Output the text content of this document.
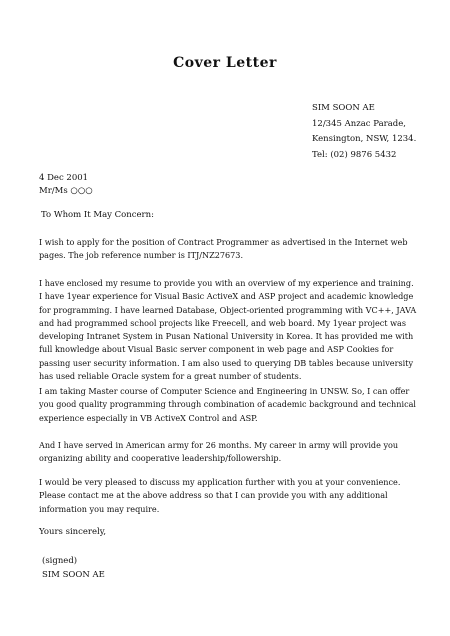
Cover Letter
SIM SOON AE
12/345 Anzac Parade,
Kensington, NSW, 1234.
Tel: (02) 9876 5432
4 Dec 2001
Mr/Ms ○○○
To Whom It May Concern:
I wish to apply for the position of Contract Programmer as advertised in the Internet web
pages. The job reference number is ITJ/NZ27673.
I have enclosed my resume to provide you with an overview of my experience and training.
I have 1year experience for Visual Basic ActiveX and ASP project and academic knowledge
for programming. I have learned Database, Object-oriented programming with VC++, JAVA
and had programmed school projects like Freecell, and web board. My 1year project was
developing Intranet System in Pusan National University in Korea. It has provided me with
full knowledge about Visual Basic server component in web page and ASP Cookies for
passing user security information. I am also used to querying DB tables because university
has used reliable Oracle system for a great number of students.
I am taking Master course of Computer Science and Engineering in UNSW. So, I can offer
you good quality programming through combination of academic background and technical
experience especially in VB ActiveX Control and ASP.
And I have served in American army for 26 months. My career in army will provide you
organizing ability and cooperative leadership/followership.
I would be very pleased to discuss my application further with you at your convenience.
Please contact me at the above address so that I can provide you with any additional
information you may require.
Yours sincerely,
(signed)
SIM SOON AE
